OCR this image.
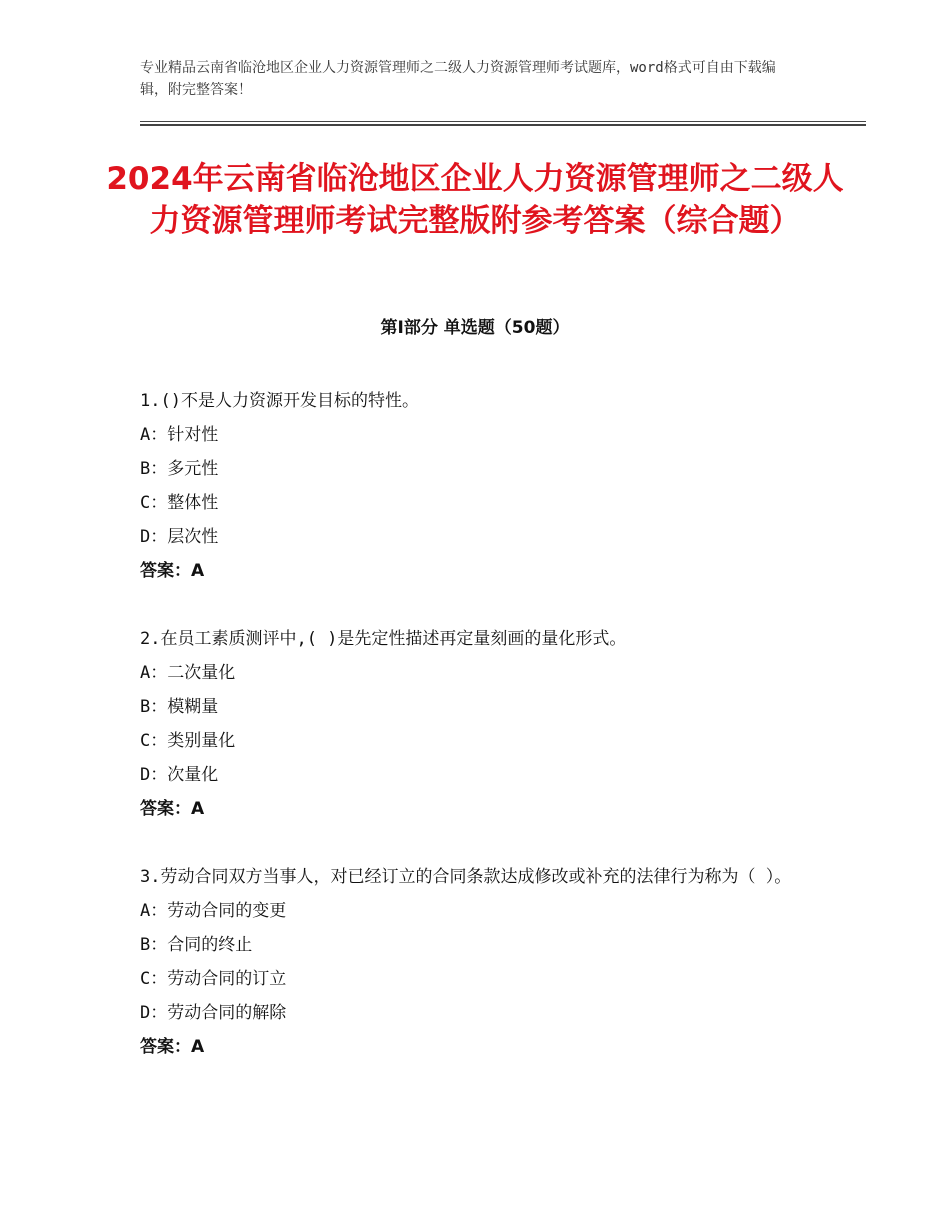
专业精品云南省临沧地区企业人力资源管理师之二级人力资源管理师考试题库，word格式可自由下载编辑，附完整答案！
2024年云南省临沧地区企业人力资源管理师之二级人力资源管理师考试完整版附参考答案（综合题）
第Ⅰ部分 单选题（50题）
1.()不是人力资源开发目标的特性。
A：针对性
B：多元性
C：整体性
D：层次性
答案：A
2.在员工素质测评中,( )是先定性描述再定量刻画的量化形式。
A：二次量化
B：模糊量
C：类别量化
D：次量化
答案：A
3.劳动合同双方当事人，对已经订立的合同条款达成修改或补充的法律行为称为（ ）。
A：劳动合同的变更
B：合同的终止
C：劳动合同的订立
D：劳动合同的解除
答案：A
